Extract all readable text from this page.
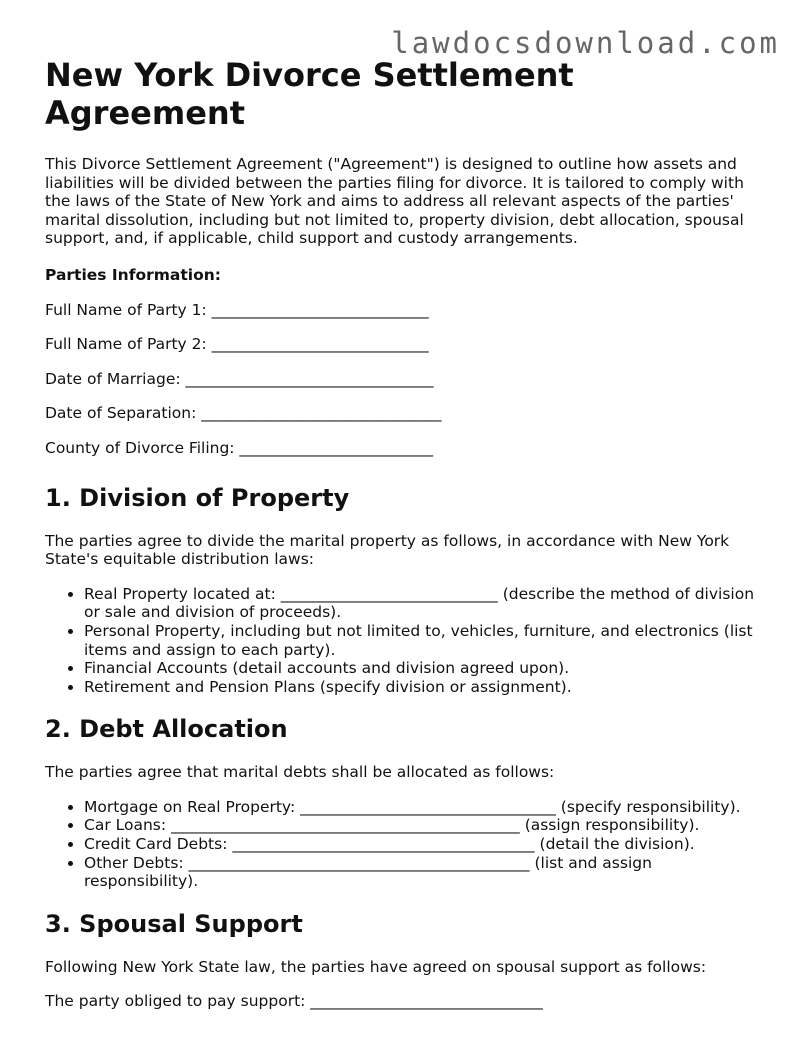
lawdocsdownload.com
New York Divorce Settlement Agreement

This Divorce Settlement Agreement ("Agreement") is designed to outline how assets and liabilities will be divided between the parties filing for divorce. It is tailored to comply with the laws of the State of New York and aims to address all relevant aspects of the parties' marital dissolution, including but not limited to, property division, debt allocation, spousal support, and, if applicable, child support and custody arrangements.

Parties Information:

Full Name of Party 1: ____________________________

Full Name of Party 2: ____________________________

Date of Marriage: ________________________________

Date of Separation: _______________________________

County of Divorce Filing: _________________________

1. Division of Property

The parties agree to divide the marital property as follows, in accordance with New York State's equitable distribution laws:

• Real Property located at: ____________________________ (describe the method of division or sale and division of proceeds).
• Personal Property, including but not limited to, vehicles, furniture, and electronics (list items and assign to each party).
• Financial Accounts (detail accounts and division agreed upon).
• Retirement and Pension Plans (specify division or assignment).
2. Debt Allocation

The parties agree that marital debts shall be allocated as follows:

• Mortgage on Real Property: _________________________________ (specify responsibility).
• Car Loans: _____________________________________________ (assign responsibility).
• Credit Card Debts: _______________________________________ (detail the division).
• Other Debts: ____________________________________________ (list and assign responsibility).
3. Spousal Support

Following New York State law, the parties have agreed on spousal support as follows:

The party obliged to pay support: ______________________________
